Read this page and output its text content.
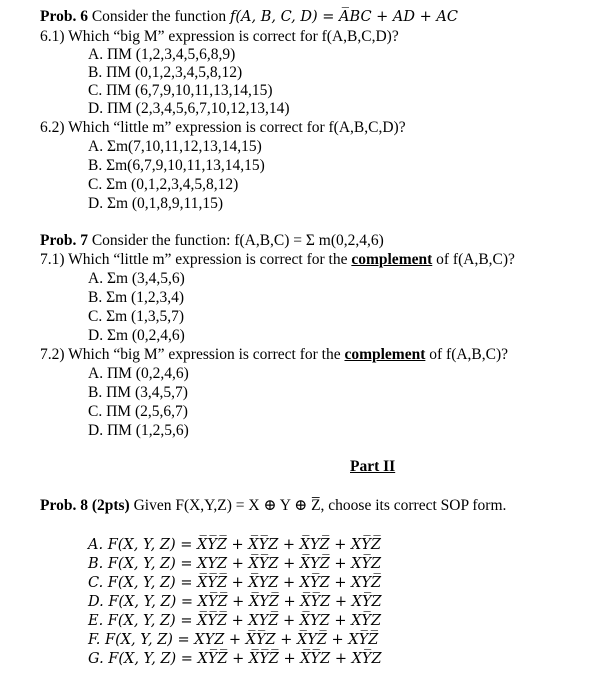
Prob. 6 Consider the function f(A, B, C, D) = A̅BC + AD + AC
6.1) Which “big M” expression is correct for f(A,B,C,D)?
A. ΠM (1,2,3,4,5,6,8,9)
B. ΠM (0,1,2,3,4,5,8,12)
C. ΠM (6,7,9,10,11,13,14,15)
D. ΠM (2,3,4,5,6,7,10,12,13,14)
6.2) Which “little m” expression is correct for f(A,B,C,D)?
A. Σm(7,10,11,12,13,14,15)
B. Σm(6,7,9,10,11,13,14,15)
C. Σm (0,1,2,3,4,5,8,12)
D. Σm (0,1,8,9,11,15)
Prob. 7 Consider the function: f(A,B,C) = Σ m(0,2,4,6)
7.1) Which “little m” expression is correct for the complement of f(A,B,C)?
A. Σm (3,4,5,6)
B. Σm (1,2,3,4)
C. Σm (1,3,5,7)
D. Σm (0,2,4,6)
7.2) Which “big M” expression is correct for the complement of f(A,B,C)?
A. ΠM (0,2,4,6)
B. ΠM (3,4,5,7)
C. ΠM (2,5,6,7)
D. ΠM (1,2,5,6)
Part II
Prob. 8 (2pts) Given F(X,Y,Z) = X ⊕ Y ⊕ Z̅, choose its correct SOP form.
A. F(X, Y, Z) = X̅Y̅Z̅ + X̅Y̅Z + X̅YZ̅ + XY̅Z̅
B. F(X, Y, Z) = XYZ + X̅Y̅Z + X̅YZ̅ + XY̅Z
C. F(X, Y, Z) = X̅Y̅Z̅ + X̅YZ + XY̅Z + XYZ̅
D. F(X, Y, Z) = XY̅Z̅ + X̅YZ̅ + X̅Y̅Z + XY̅Z
E. F(X, Y, Z) = X̅Y̅Z̅ + XYZ̅ + X̅YZ + XY̅Z
F. F(X, Y, Z) = XYZ + X̅Y̅Z + X̅YZ̅ + XY̅Z̅
G. F(X, Y, Z) = XY̅Z̅ + X̅Y̅Z̅ + X̅Y̅Z + XY̅Z
